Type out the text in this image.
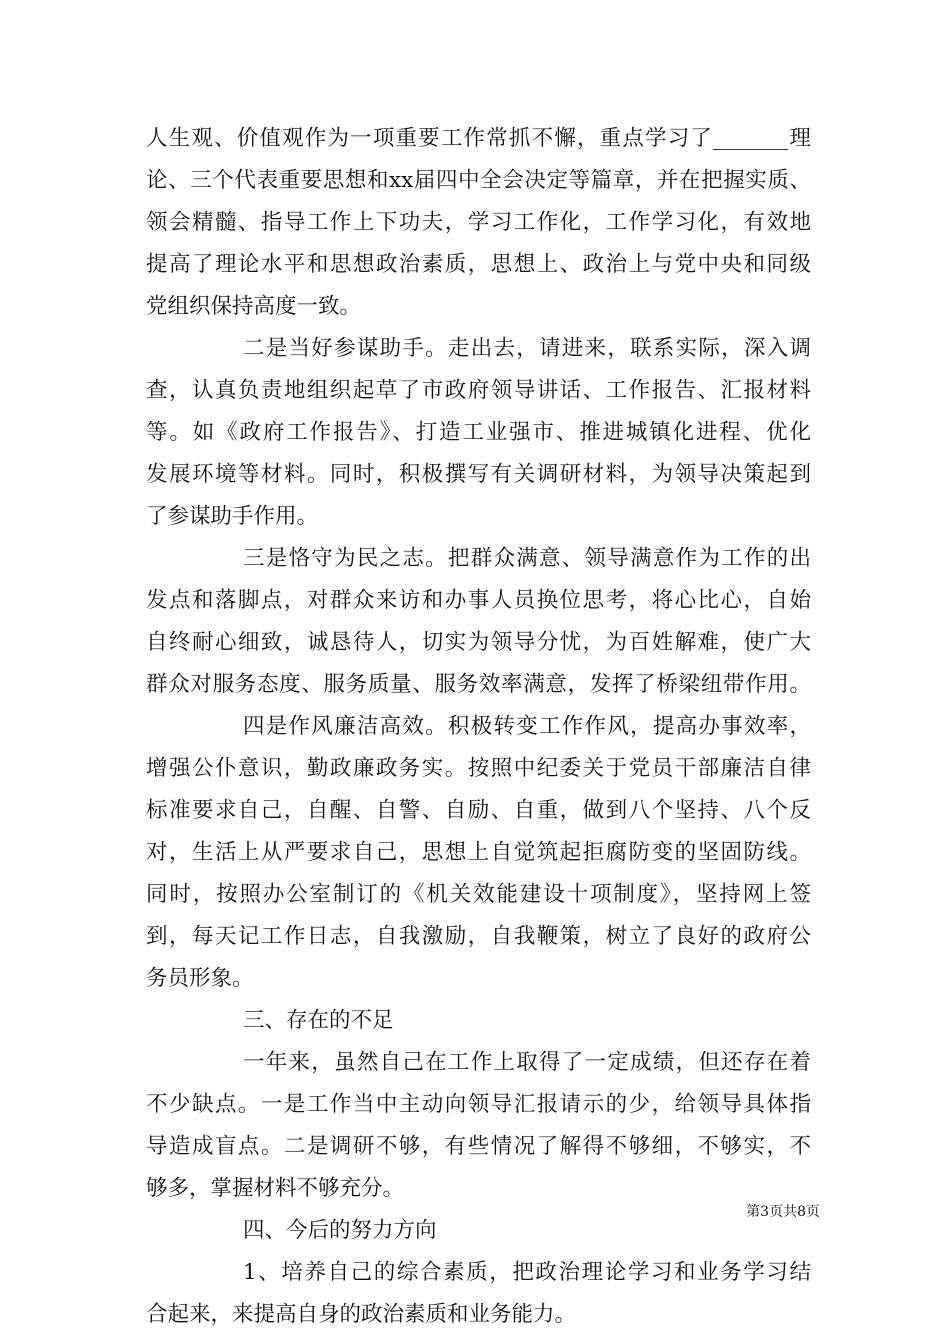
人生观、价值观作为一项重要工作常抓不懈，重点学习了_______理
论、三个代表重要思想和xx届四中全会决定等篇章，并在把握实质、
领会精髓、指导工作上下功夫，学习工作化，工作学习化，有效地
提高了理论水平和思想政治素质，思想上、政治上与党中央和同级
党组织保持高度一致。
二是当好参谋助手。走出去，请进来，联系实际，深入调
查，认真负责地组织起草了市政府领导讲话、工作报告、汇报材料
等。如《政府工作报告》、打造工业强市、推进城镇化进程、优化
发展环境等材料。同时，积极撰写有关调研材料，为领导决策起到
了参谋助手作用。
三是恪守为民之志。把群众满意、领导满意作为工作的出
发点和落脚点，对群众来访和办事人员换位思考，将心比心，自始
自终耐心细致，诚恳待人，切实为领导分忧，为百姓解难，使广大
群众对服务态度、服务质量、服务效率满意，发挥了桥梁纽带作用。
四是作风廉洁高效。积极转变工作作风，提高办事效率，
增强公仆意识，勤政廉政务实。按照中纪委关于党员干部廉洁自律
标准要求自己，自醒、自警、自励、自重，做到八个坚持、八个反
对，生活上从严要求自己，思想上自觉筑起拒腐防变的坚固防线。
同时，按照办公室制订的《机关效能建设十项制度》，坚持网上签
到，每天记工作日志，自我激励，自我鞭策，树立了良好的政府公
务员形象。
三、存在的不足
一年来，虽然自己在工作上取得了一定成绩，但还存在着
不少缺点。一是工作当中主动向领导汇报请示的少，给领导具体指
导造成盲点。二是调研不够，有些情况了解得不够细，不够实，不
够多，掌握材料不够充分。
四、今后的努力方向
1、培养自己的综合素质，把政治理论学习和业务学习结
合起来，来提高自身的政治素质和业务能力。
第3页共8页
